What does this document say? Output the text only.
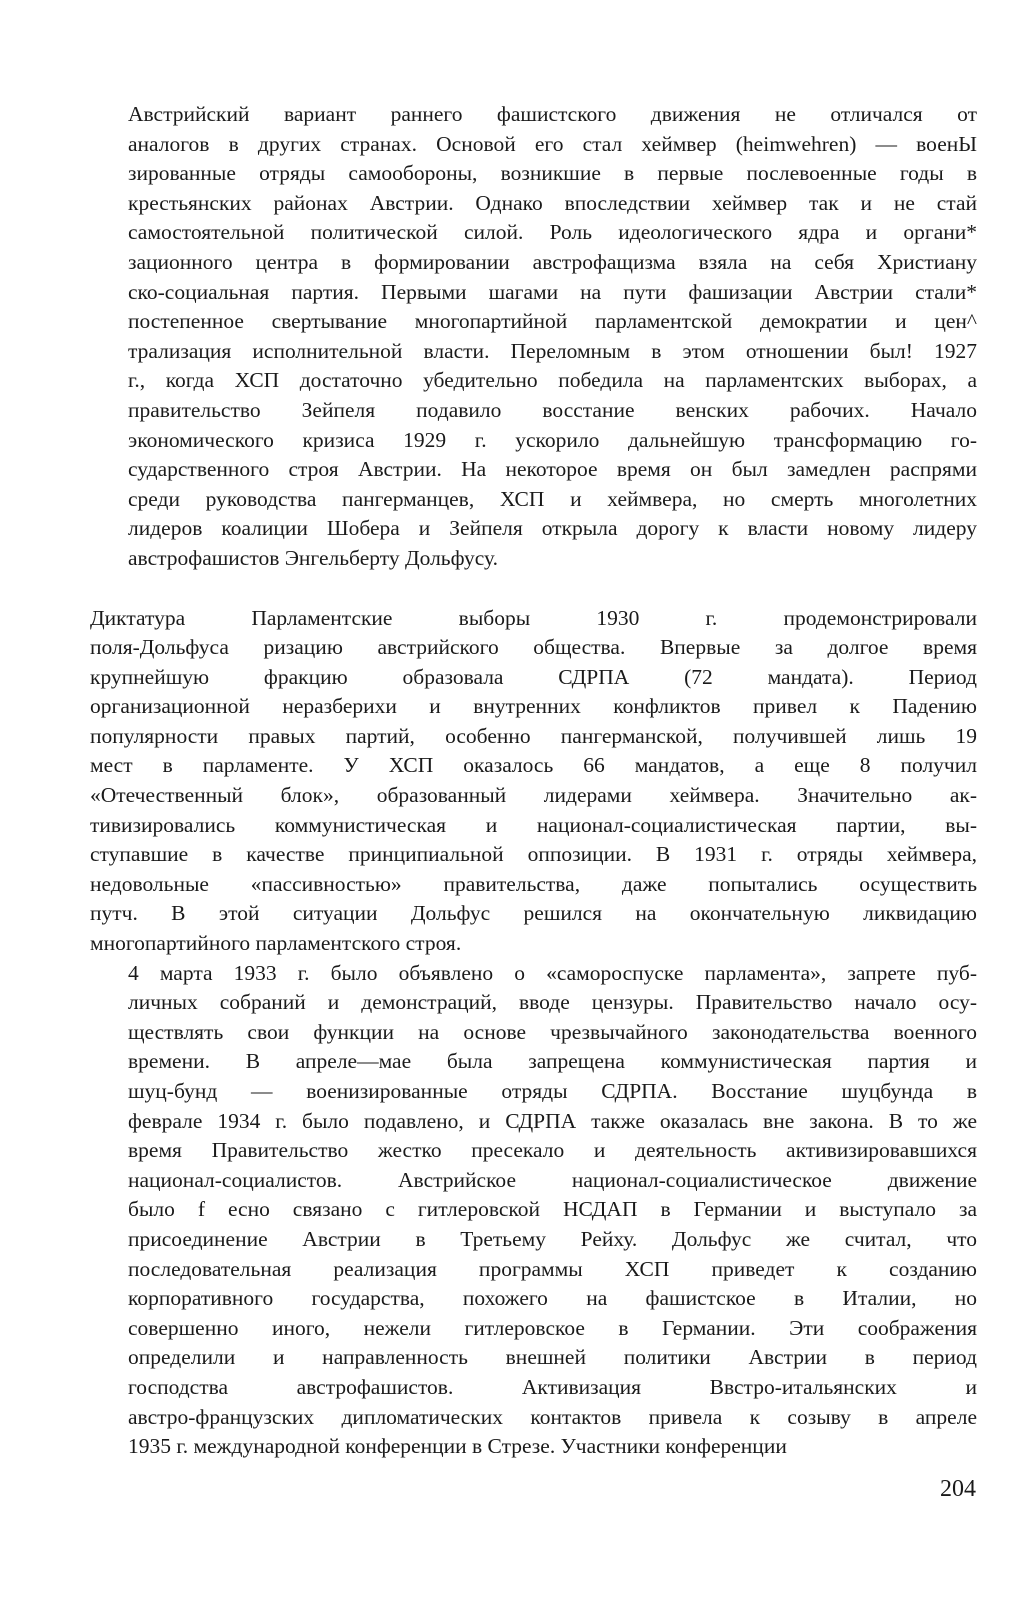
Австрийский вариант раннего фашистского движения не отличался от
аналогов в других странах. Основой его стал хеймвер (heimwehren) — военЫ
зированные отряды самообороны, возникшие в первые послевоенные годы в
крестьянских районах Австрии. Однако впоследствии хеймвер так и не стай
самостоятельной политической силой. Роль идеологического ядра и органи*
зационного центра в формировании австрофащизма взяла на себя Христиану
ско-социальная партия. Первыми шагами на пути фашизации Австрии стали*
постепенное свертывание многопартийной парламентской демократии и цен^
трализация исполнительной власти. Переломным в этом отношении был! 1927
г., когда ХСП достаточно убедительно победила на парламентских выборах, а
правительство Зейпеля подавило восстание венских рабочих. Начало
экономического кризиса 1929 г. ускорило дальнейшую трансформацию го-
сударственного строя Австрии. На некоторое время он был замедлен распрями
среди руководства пангерманцев, ХСП и хеймвера, но смерть многолетних
лидеров коалиции Шобера и Зейпеля открыла дорогу к власти новому лидеру
австрофашистов Энгельберту Дольфусу.

Диктатура Парламентские выборы 1930 г. продемонстрировали
поля-Дольфуса ризацию австрийского общества. Впервые за долгое время
крупнейшую фракцию образовала СДРПА (72 мандата). Период
организационной неразберихи и внутренних конфликтов привел к Падению
популярности правых партий, особенно пангерманской, получившей лишь 19
мест в парламенте. У ХСП оказалось 66 мандатов, а еще 8 получил
«Отечественный блок», образованный лидерами хеймвера. Значительно ак-
тивизировались коммунистическая и национал-социалистическая партии, вы-
ступавшие в качестве принципиальной оппозиции. В 1931 г. отряды хеймвера,
недовольные «пассивностью» правительства, даже попытались осуществить
путч. В этой ситуации Дольфус решился на окончательную ликвидацию
многопартийного парламентского строя.

4 марта 1933 г. было объявлено о «самороспуске парламента», запрете пуб-
личных собраний и демонстраций, вводе цензуры. Правительство начало осу-
ществлять свои функции на основе чрезвычайного законодательства военного
времени. В апреле—мае была запрещена коммунистическая партия и
шуц-бунд — военизированные отряды СДРПА. Восстание шуцбунда в
феврале 1934 г. было подавлено, и СДРПА также оказалась вне закона. В то же
время Правительство жестко пресекало и деятельность активизировавшихся
национал-социалистов. Австрийское национал-социалистическое движение
было f есно связано с гитлеровской НСДАП в Германии и выступало за
присоединение Австрии в Третьему Рейху. Дольфус же считал, что
последовательная реализация программы ХСП приведет к созданию
корпоративного государства, похожего на фашистское в Италии, но
совершенно иного, нежели гитлеровское в Германии. Эти соображения
определили и направленность внешней политики Австрии в период
господства австрофашистов. Активизация Ввстро-итальянских и
австро-французских дипломатических контактов привела к созыву в апреле
1935 г. международной конференции в Стрезе. Участники конференции

204
